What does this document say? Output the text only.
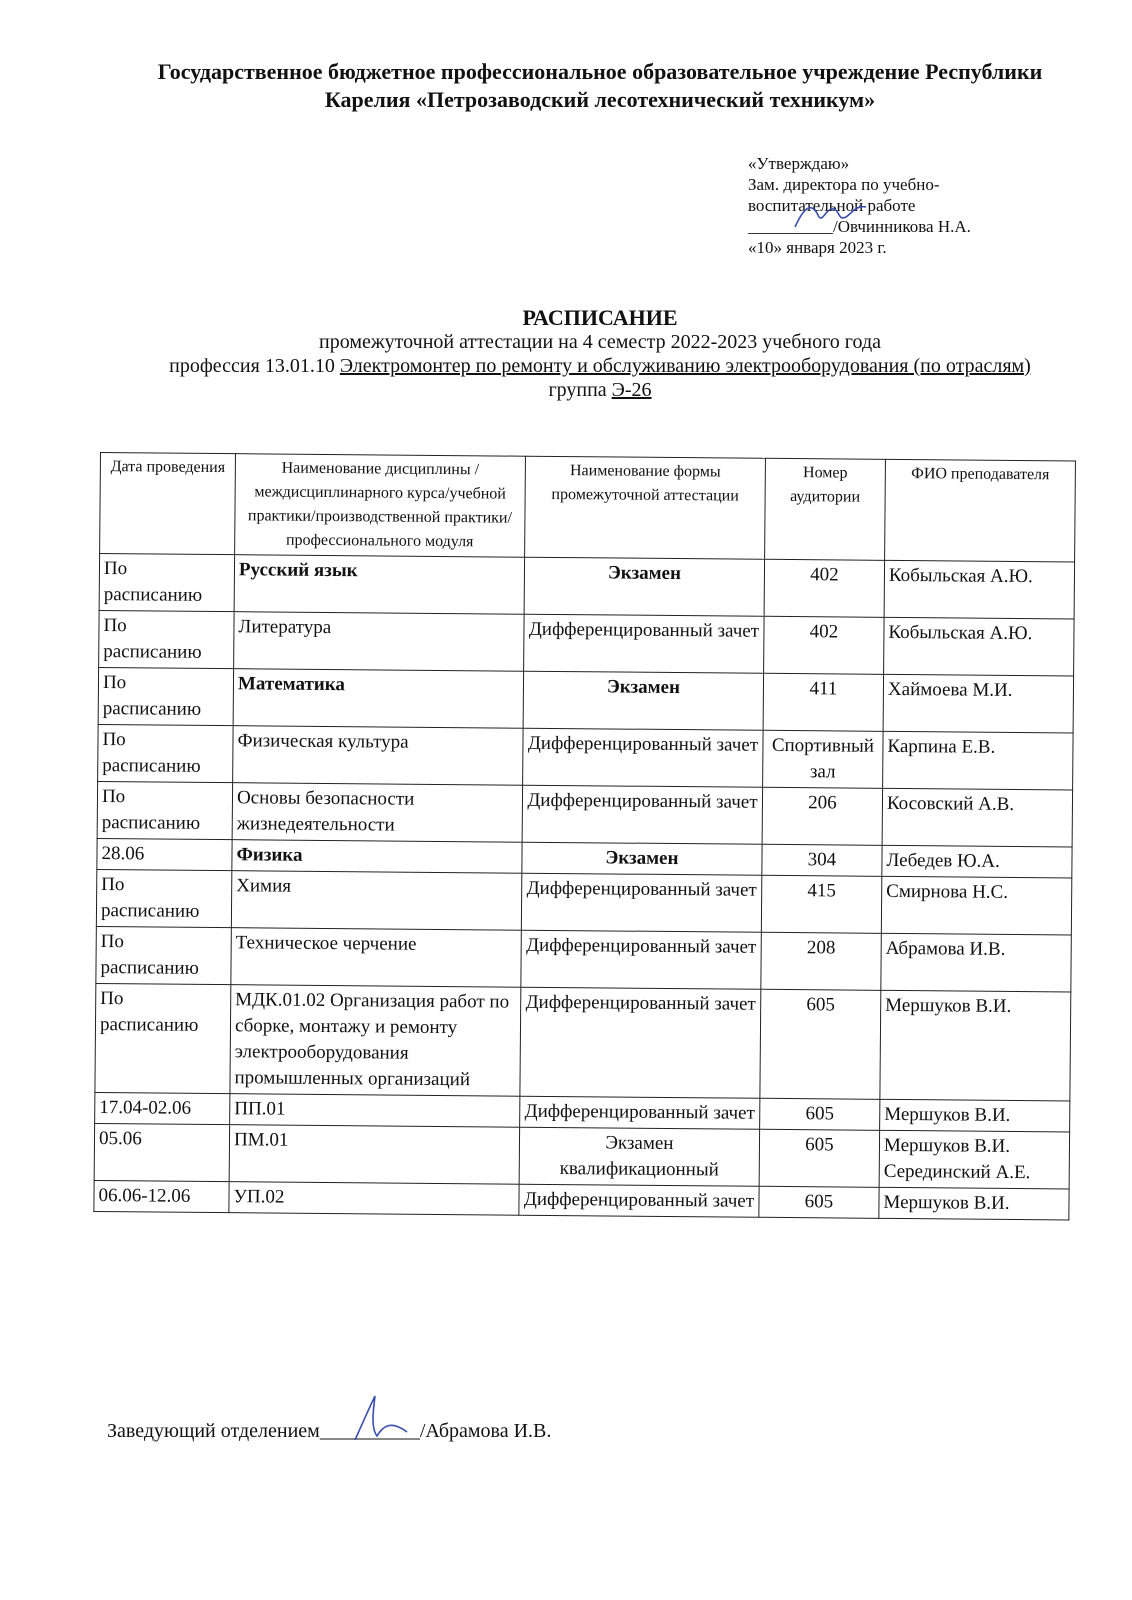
Государственное бюджетное профессиональное образовательное учреждение Республики Карелия «Петрозаводский лесотехнический техникум»
«Утверждаю»
Зам. директора по учебно-
воспитательной работе
__________/Овчинникова Н.А.
«10» января 2023 г.
РАСПИСАНИЕ
промежуточной аттестации на 4 семестр 2022-2023 учебного года
профессия 13.01.10 Электромонтер по ремонту и обслуживанию электрооборудования (по отраслям)
группа Э-26
Дата проведения	Наименование дисциплины /междисциплинарного курса/учебной практики/производственной практики/профессионального модуля	Наименование формы промежуточной аттестации	Номер аудитории	ФИО преподавателя
По расписанию	Русский язык	Экзамен	402	Кобыльская А.Ю.
По расписанию	Литература	Дифференцированный зачет	402	Кобыльская А.Ю.
По расписанию	Математика	Экзамен	411	Хаймоева М.И.
По расписанию	Физическая культура	Дифференцированный зачет	Спортивный зал	Карпина Е.В.
По расписанию	Основы безопасности жизнедеятельности	Дифференцированный зачет	206	Косовский А.В.
28.06	Физика	Экзамен	304	Лебедев Ю.А.
По расписанию	Химия	Дифференцированный зачет	415	Смирнова Н.С.
По расписанию	Техническое черчение	Дифференцированный зачет	208	Абрамова И.В.
По расписанию	МДК.01.02 Организация работ по сборке, монтажу и ремонту электрооборудования промышленных организаций	Дифференцированный зачет	605	Мершуков В.И.
17.04-02.06	ПП.01	Дифференцированный зачет	605	Мершуков В.И.
05.06	ПМ.01	Экзамен квалификационный	605	Мершуков В.И. Серединский А.Е.
06.06-12.06	УП.02	Дифференцированный зачет	605	Мершуков В.И.
Заведующий отделением__________/Абрамова И.В.
